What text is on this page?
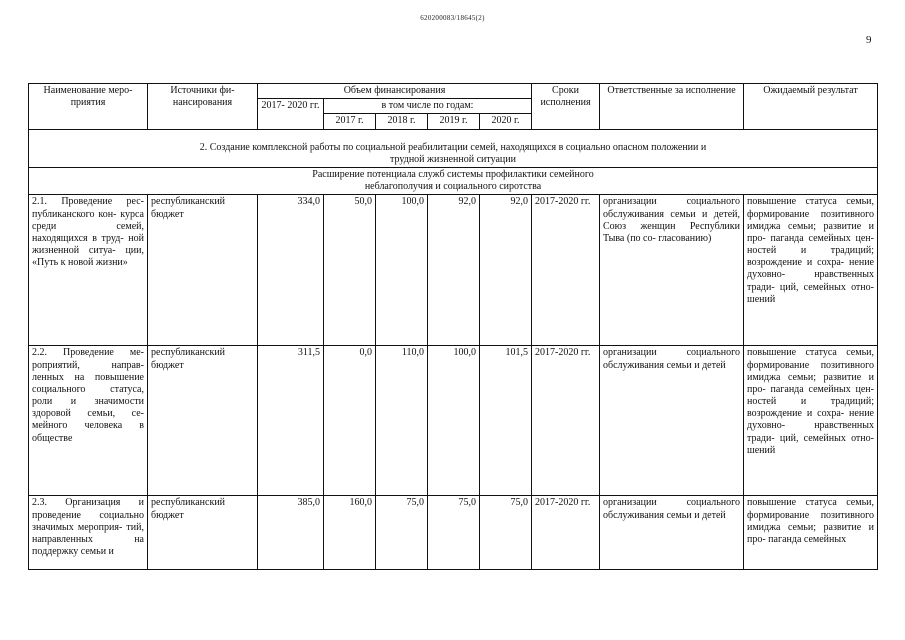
620200083/18645(2)
9
Наименование меро- приятия	Источники фи- нансирования	Объем финансирования					Сроки исполнения	Ответственные за исполнение	Ожидаемый результат
		2017- 2020 гг.	в том числе по годам:						
			2017 г.	2018 г.	2019 г.	2020 г.			
2. Создание комплексной работы по социальной реабилитации семей, находящихся в социально опасном положении и трудной жизненной ситуации									
Расширение потенциала служб системы профилактики семейного неблагополучия и социального сиротства									
2.1. Проведение рес- публиканского кон- курса среди семей, находящихся в труд- ной жизненной ситуа- ции, «Путь к новой жизни»	республиканский бюджет	334,0	50,0	100,0	92,0	92,0	2017-2020 гг.	организации социального обслуживания семьи и детей, Союз женщин Республики Тыва (по со- гласованию)	повышение статуса семьи, формирование позитивного имиджа семьи; развитие и про- паганда семейных цен- ностей и традиций; возрождение и сохра- нение духовно- нравственных тради- ций, семейных отно- шений
2.2. Проведение ме- роприятий, направ- ленных на повышение социального статуса, роли и значимости здоровой семьи, се- мейного человека в обществе	республиканский бюджет	311,5	0,0	110,0	100,0	101,5	2017-2020 гг.	организации социального обслуживания семьи и детей	повышение статуса семьи, формирование позитивного имиджа семьи; развитие и про- паганда семейных цен- ностей и традиций; возрождение и сохра- нение духовно- нравственных тради- ций, семейных отно- шений
2.3. Организация и проведение социально значимых мероприя- тий, направленных на поддержку семьи и	республиканский бюджет	385,0	160,0	75,0	75,0	75,0	2017-2020 гг.	организации социального обслуживания семьи и детей	повышение статуса семьи, формирование позитивного имиджа семьи; развитие и про- паганда семейных
